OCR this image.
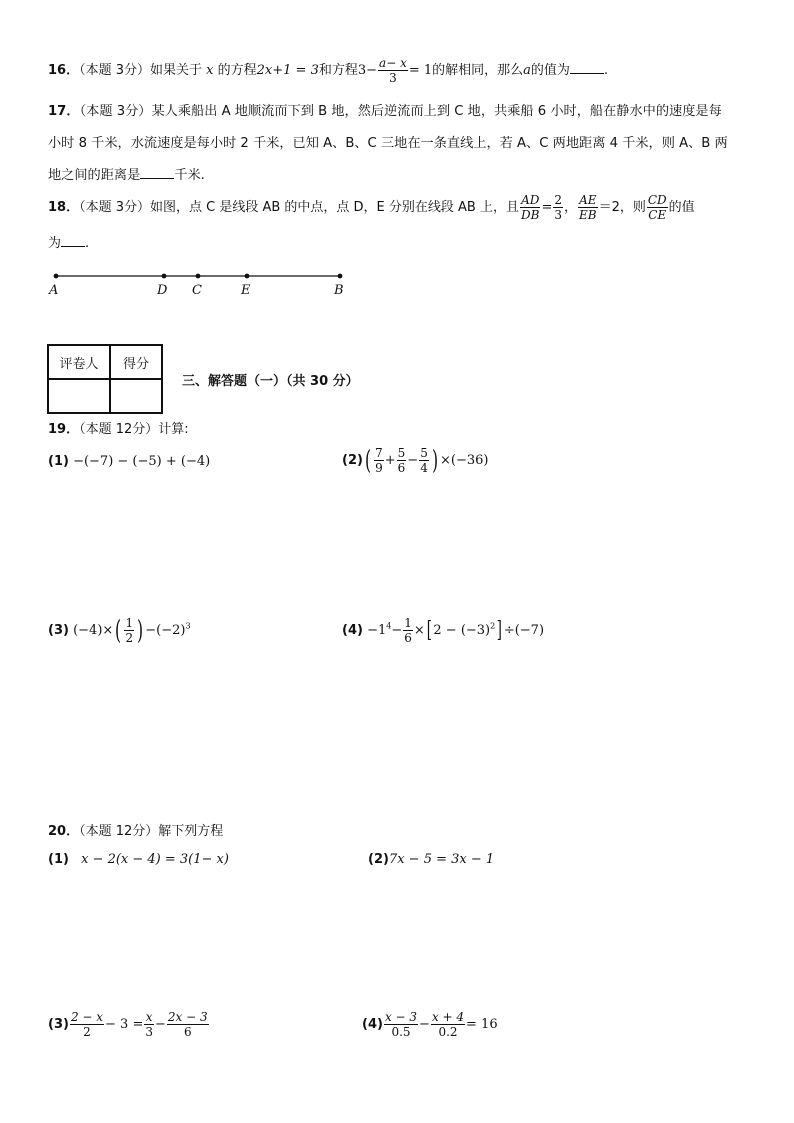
16．（本题 3分）如果关于 x 的方程2x+1 = 3和方程$3- \frac{a- x}{3} = 1$的解相同，那么a的值为	.
17．（本题 3分）某人乘船出 A 地顺流而下到 B 地，然后逆流而上到 C 地，共乘船 6 小时，船在静水中的速度是每
小时 8 千米，水流速度是每小时 2 千米，已知 A、B、C 三地在一条直线上，若 A、C 两地距离 4 千米，则 A、B 两
地之间的距离是	千米.
18．（本题 3分）如图，点 C 是线段 AB 的中点，点 D，E 分别在线段 AB 上，且 $\frac{AD}{DB} = \frac{2}{3}$ ， $\frac{AE}{EB} =2$，则 $\frac{CD}{CE}$ 的值
为 .
A	D C	E	B
评卷人	得分

三、解答题（一）（共 30 分）
19．（本题 12分）计算:
(1) −(−7) − (−5) + (−4)	$(2)( \frac{7}{9} + \frac{5}{6} - \frac{5}{4}$ ) ×(−36)
(3) $(-4)\times( \frac{1}{2}$ ) $-(-2)^3$	$(4) -1^4- \frac{1}{6}$ ×[ $2 - (-3)^2] \div(-7)$
20．（本题 12分）解下列方程
(1) x − 2(x − 4) = 3(1− x)	(2)7x − 5 = 3x − 1
$(3) \frac{2 - x}{2} - 3 = \frac{x}{3} - \frac{2x - 3}{6}$	$(4) \frac{x - 3}{0.5} - \frac{x + 4}{0.2} = 16$
